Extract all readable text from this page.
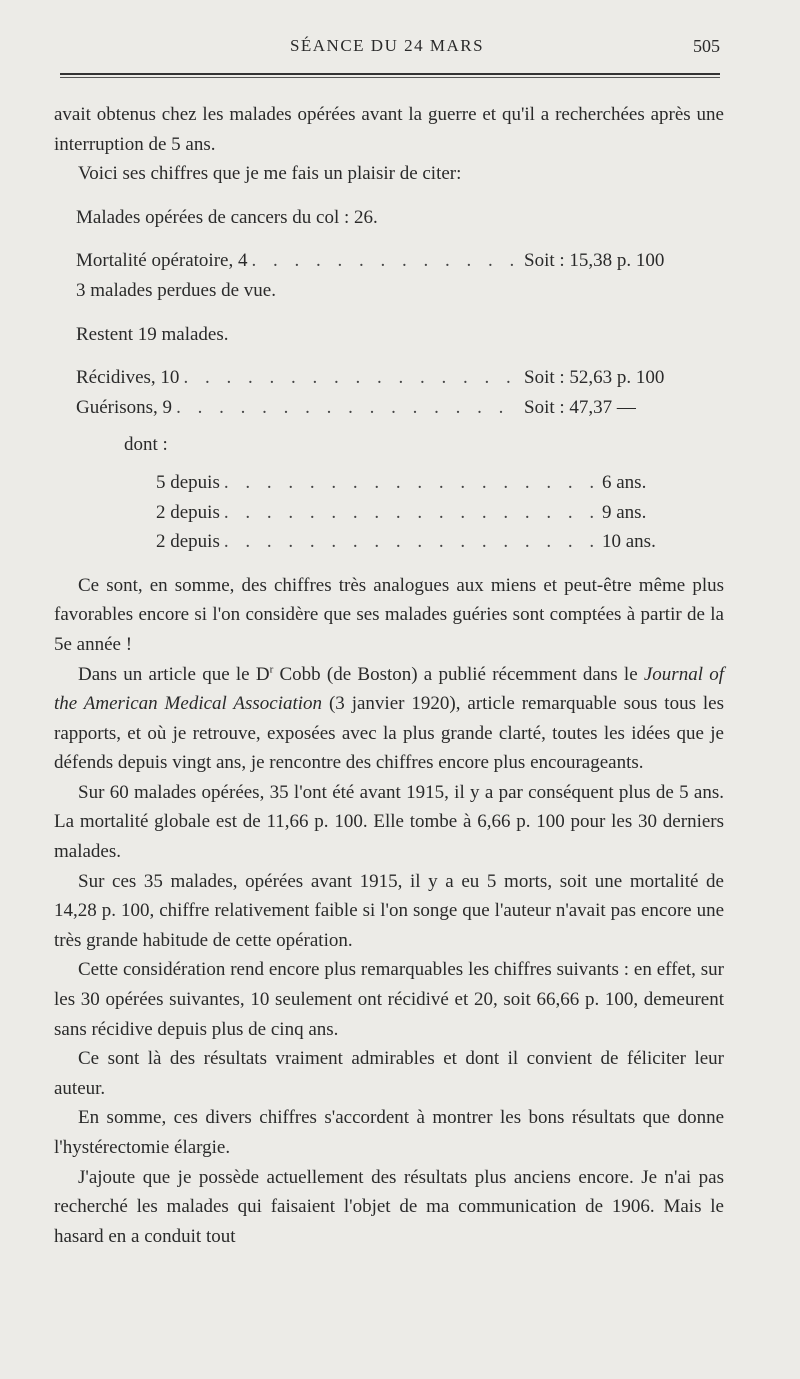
SÉANCE DU 24 MARS	505

avait obtenus chez les malades opérées avant la guerre et qu'il a recherchées après une interruption de 5 ans.

Voici ses chiffres que je me fais un plaisir de citer:

Malades opérées de cancers du col : 26.
Mortalité opératoire, 4 . . .	Soit : 15,38 p. 100
3 malades perdues de vue.
Restent 19 malades.
Récidives, 10 . . .	Soit : 52,63 p. 100
Guérisons, 9 . . .	Soit : 47,37 —
dont :
5 depuis . . .	6 ans.
2 depuis . . .	9 ans.
2 depuis . . .	10 ans.

Ce sont, en somme, des chiffres très analogues aux miens et peut-être même plus favorables encore si l'on considère que ses malades guéries sont comptées à partir de la 5e année !

Dans un article que le $D^r$ Cobb (de Boston) a publié récemment dans le Journal of the American Medical Association (3 janvier 1920), article remarquable sous tous les rapports, et où je retrouve, exposées avec la plus grande clarté, toutes les idées que je défends depuis vingt ans, je rencontre des chiffres encore plus encourageants.

Sur 60 malades opérées, 35 l'ont été avant 1915, il y a par conséquent plus de 5 ans. La mortalité globale est de 11,66 p. 100. Elle tombe à 6,66 p. 100 pour les 30 derniers malades.

Sur ces 35 malades, opérées avant 1915, il y a eu 5 morts, soit une mortalité de 14,28 p. 100, chiffre relativement faible si l'on songe que l'auteur n'avait pas encore une très grande habitude de cette opération.

Cette considération rend encore plus remarquables les chiffres suivants : en effet, sur les 30 opérées suivantes, 10 seulement ont récidivé et 20, soit 66,66 p. 100, demeurent sans récidive depuis plus de cinq ans.

Ce sont là des résultats vraiment admirables et dont il convient de féliciter leur auteur.

En somme, ces divers chiffres s'accordent à montrer les bons résultats que donne l'hystérectomie élargie.

J'ajoute que je possède actuellement des résultats plus anciens encore. Je n'ai pas recherché les malades qui faisaient l'objet de ma communication de 1906. Mais le hasard en a conduit tout
